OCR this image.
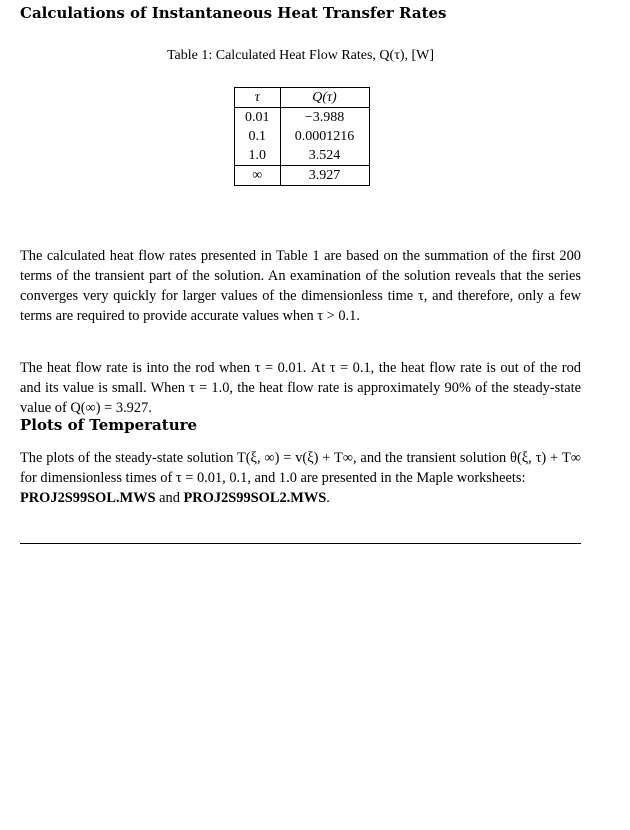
Calculations of Instantaneous Heat Transfer Rates
Table 1: Calculated Heat Flow Rates, Q(τ), [W]
τ	Q(τ)
0.01	−3.988
0.1	0.0001216
1.0	3.524
∞	3.927

The calculated heat flow rates presented in Table 1 are based on the summation of the first 200 terms of the transient part of the solution. An examination of the solution reveals that the series converges very quickly for larger values of the dimensionless time τ, and therefore, only a few terms are required to provide accurate values when τ > 0.1.

The heat flow rate is into the rod when τ = 0.01. At τ = 0.1, the heat flow rate is out of the rod and its value is small. When τ = 1.0, the heat flow rate is approximately 90% of the steady-state value of Q(∞) = 3.927.

Plots of Temperature
The plots of the steady-state solution T(ξ, ∞) = v(ξ) + T∞, and the transient solution θ(ξ, τ) + T∞ for dimensionless times of τ = 0.01, 0.1, and 1.0 are presented in the Maple worksheets:
PROJ2S99SOL.MWS and PROJ2S99SOL2.MWS.
